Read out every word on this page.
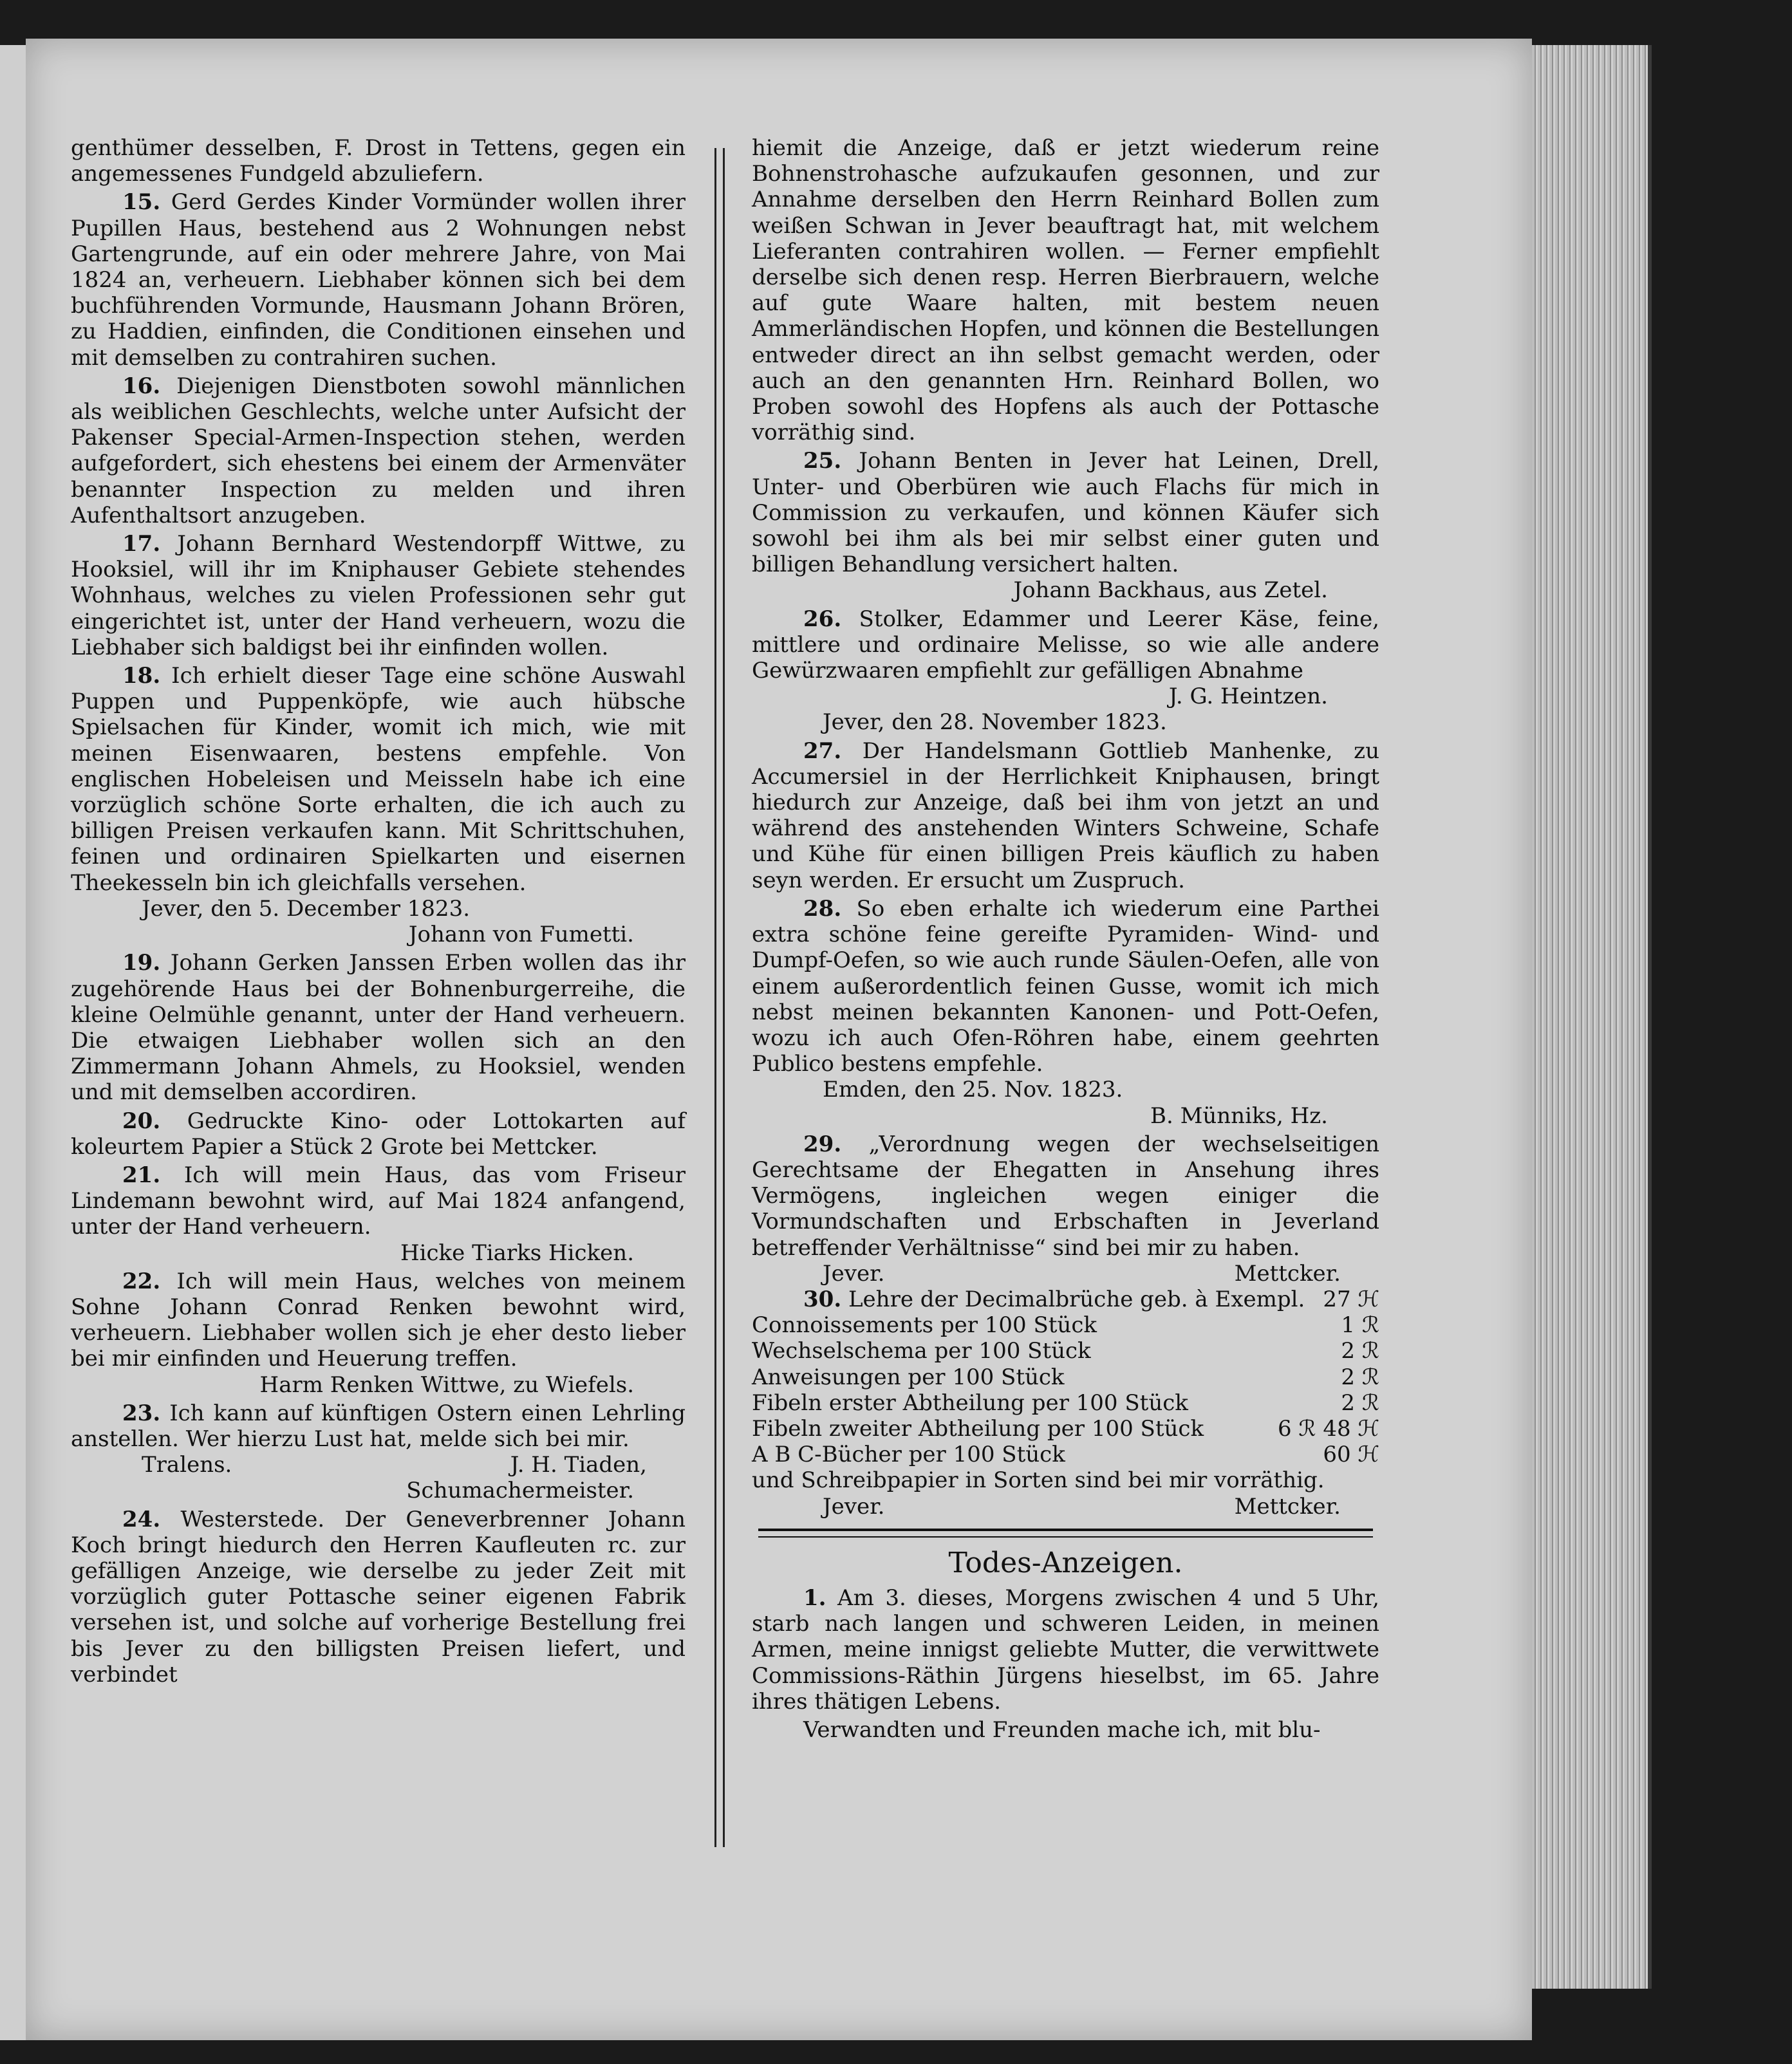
genthümer desselben, F. Drost in Tettens, gegen ein angemessenes Fundgeld abzuliefern.

15. Gerd Gerdes Kinder Vormünder wollen ihrer Pupillen Haus, bestehend aus 2 Wohnungen nebst Gartengrunde, auf ein oder mehrere Jahre, von Mai 1824 an, verheuern. Liebhaber können sich bei dem buchführenden Vormunde, Hausmann Johann Brören, zu Haddien, einfinden, die Conditionen einsehen und mit demselben zu contrahiren suchen.

16. Diejenigen Dienstboten sowohl männlichen als weiblichen Geschlechts, welche unter Aufsicht der Pakenser Special-Armen-Inspection stehen, werden aufgefordert, sich ehestens bei einem der Armenväter benannter Inspection zu melden und ihren Aufenthaltsort anzugeben.

17. Johann Bernhard Westendorpff Wittwe, zu Hooksiel, will ihr im Kniphauser Gebiete stehendes Wohnhaus, welches zu vielen Professionen sehr gut eingerichtet ist, unter der Hand verheuern, wozu die Liebhaber sich baldigst bei ihr einfinden wollen.

18. Ich erhielt dieser Tage eine schöne Auswahl Puppen und Puppenköpfe, wie auch hübsche Spielsachen für Kinder, womit ich mich, wie mit meinen Eisenwaaren, bestens empfehle. Von englischen Hobeleisen und Meisseln habe ich eine vorzüglich schöne Sorte erhalten, die ich auch zu billigen Preisen verkaufen kann. Mit Schrittschuhen, feinen und ordinairen Spielkarten und eisernen Theekesseln bin ich gleichfalls versehen.

Jever, den 5. December 1823.

Johann von Fumetti.

19. Johann Gerken Janssen Erben wollen das ihr zugehörende Haus bei der Bohnenburgerreihe, die kleine Oelmühle genannt, unter der Hand verheuern. Die etwaigen Liebhaber wollen sich an den Zimmermann Johann Ahmels, zu Hooksiel, wenden und mit demselben accordiren.

20. Gedruckte Kino- oder Lottokarten auf koleurtem Papier a Stück 2 Grote bei Mettcker.

21. Ich will mein Haus, das vom Friseur Lindemann bewohnt wird, auf Mai 1824 anfangend, unter der Hand verheuern.

Hicke Tiarks Hicken.

22. Ich will mein Haus, welches von meinem Sohne Johann Conrad Renken bewohnt wird, verheuern. Liebhaber wollen sich je eher desto lieber bei mir einfinden und Heuerung treffen.

Harm Renken Wittwe, zu Wiefels.

23. Ich kann auf künftigen Ostern einen Lehrling anstellen. Wer hierzu Lust hat, melde sich bei mir.

Tralens.	J. H. Tiaden,

Schumachermeister.

24. Westerstede. Der Geneverbrenner Johann Koch bringt hiedurch den Herren Kaufleuten rc. zur gefälligen Anzeige, wie derselbe zu jeder Zeit mit vorzüglich guter Pottasche seiner eigenen Fabrik versehen ist, und solche auf vorherige Bestellung frei bis Jever zu den billigsten Preisen liefert, und verbindet

hiemit die Anzeige, daß er jetzt wiederum reine Bohnenstrohasche aufzukaufen gesonnen, und zur Annahme derselben den Herrn Reinhard Bollen zum weißen Schwan in Jever beauftragt hat, mit welchem Lieferanten contrahiren wollen. — Ferner empfiehlt derselbe sich denen resp. Herren Bierbrauern, welche auf gute Waare halten, mit bestem neuen Ammerländischen Hopfen, und können die Bestellungen entweder direct an ihn selbst gemacht werden, oder auch an den genannten Hrn. Reinhard Bollen, wo Proben sowohl des Hopfens als auch der Pottasche vorräthig sind.

25. Johann Benten in Jever hat Leinen, Drell, Unter- und Oberbüren wie auch Flachs für mich in Commission zu verkaufen, und können Käufer sich sowohl bei ihm als bei mir selbst einer guten und billigen Behandlung versichert halten.

Johann Backhaus, aus Zetel.

26. Stolker, Edammer und Leerer Käse, feine, mittlere und ordinaire Melisse, so wie alle andere Gewürzwaaren empfiehlt zur gefälligen Abnahme

J. G. Heintzen.

Jever, den 28. November 1823.

27. Der Handelsmann Gottlieb Manhenke, zu Accumersiel in der Herrlichkeit Kniphausen, bringt hiedurch zur Anzeige, daß bei ihm von jetzt an und während des anstehenden Winters Schweine, Schafe und Kühe für einen billigen Preis käuflich zu haben seyn werden. Er ersucht um Zuspruch.

28. So eben erhalte ich wiederum eine Parthei extra schöne feine gereifte Pyramiden- Wind- und Dumpf-Oefen, so wie auch runde Säulen-Oefen, alle von einem außerordentlich feinen Gusse, womit ich mich nebst meinen bekannten Kanonen- und Pott-Oefen, wozu ich auch Ofen-Röhren habe, einem geehrten Publico bestens empfehle.

Emden, den 25. Nov. 1823.

B. Münniks, Hz.

29. „Verordnung wegen der wechselseitigen Gerechtsame der Ehegatten in Ansehung ihres Vermögens, ingleichen wegen einiger die Vormundschaften und Erbschaften in Jeverland betreffender Verhältnisse“ sind bei mir zu haben.

Jever.	Mettcker.
30. Lehre der Decimalbrüche geb. à Exempl. 27 ℋ
Connoissements per 100 Stück	1 ℛ
Wechselschema per 100 Stück	2 ℛ
Anweisungen per 100 Stück	2 ℛ
Fibeln erster Abtheilung per 100 Stück	2 ℛ
Fibeln zweiter Abtheilung per 100 Stück	6 ℛ 48 ℋ
A B C-Bücher per 100 Stück	60 ℋ

und Schreibpapier in Sorten sind bei mir vorräthig.

Jever.	Mettcker.
Todes-Anzeigen.

1. Am 3. dieses, Morgens zwischen 4 und 5 Uhr, starb nach langen und schweren Leiden, in meinen Armen, meine innigst geliebte Mutter, die verwittwete Commissions-Räthin Jürgens hieselbst, im 65. Jahre ihres thätigen Lebens.

Verwandten und Freunden mache ich, mit blu-
